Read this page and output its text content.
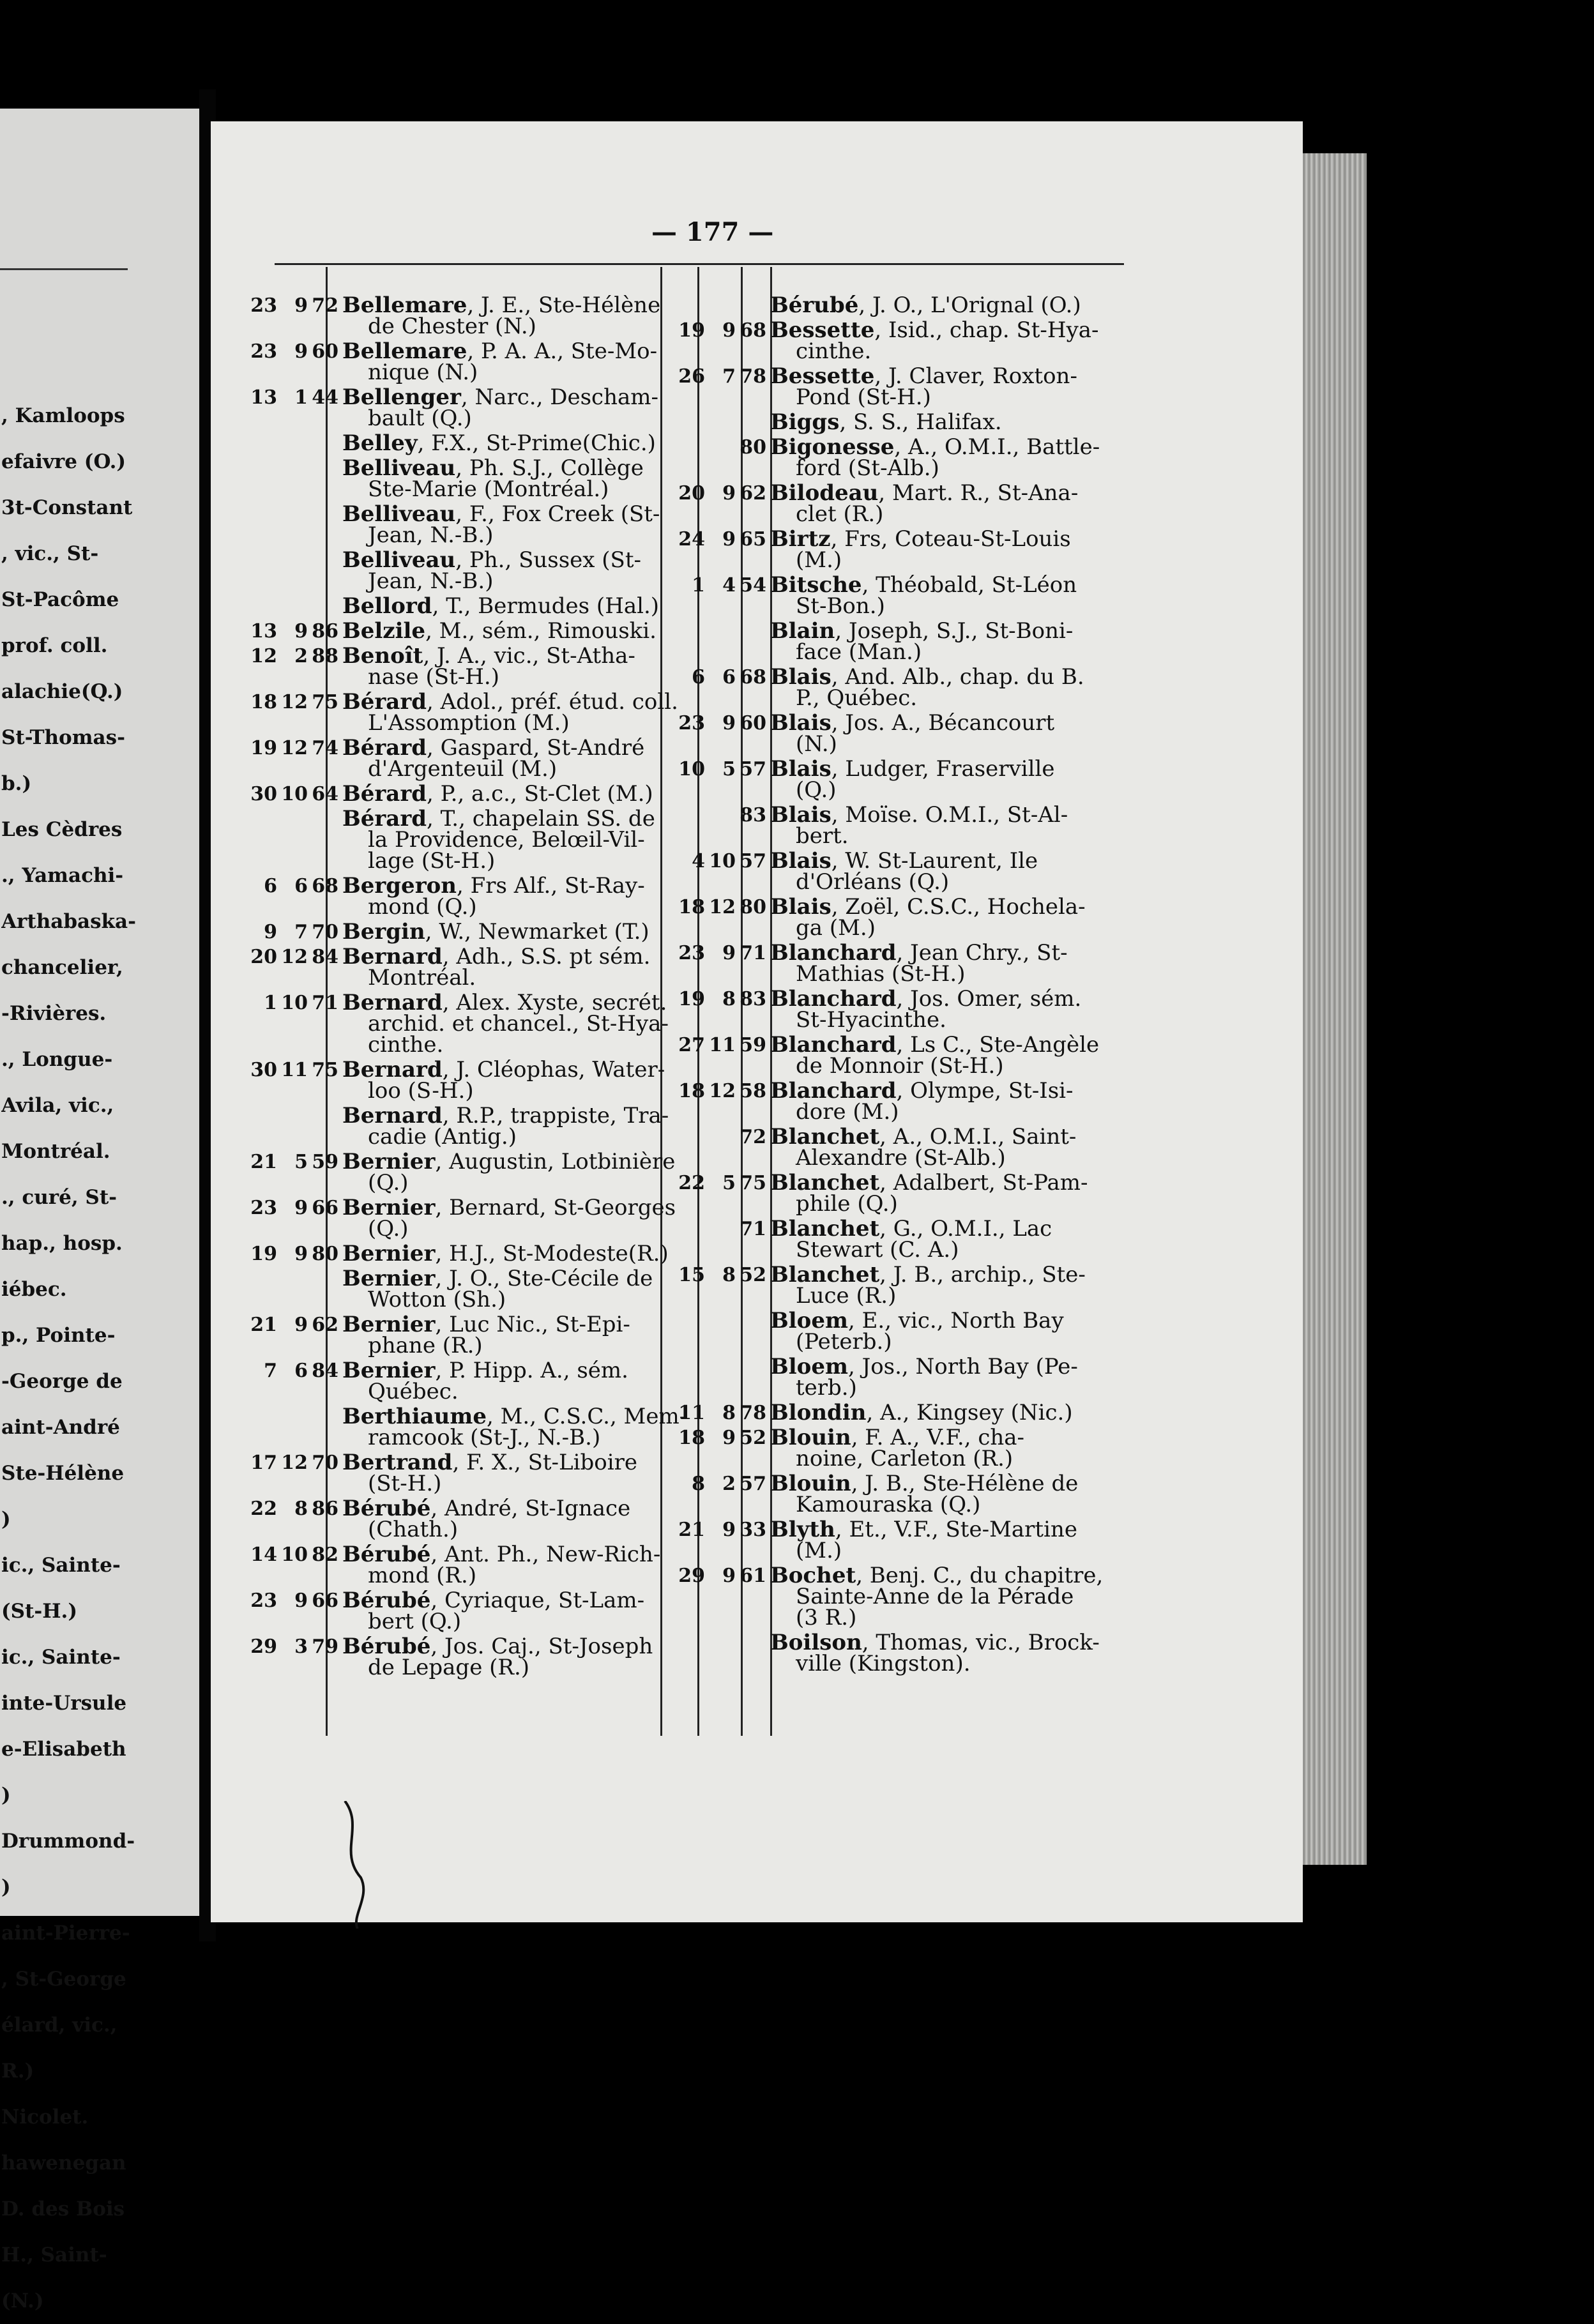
, Kamloops
efaivre (O.)
3t-Constant
, vic., St-
St-Pacôme
prof. coll.
alachie(Q.)
St-Thomas-
b.)
Les Cèdres
., Yamachi-
Arthabaska-
chancelier,
-Rivières.
., Longue-
Avila, vic.,
Montréal.
., curé, St-
hap., hosp.
iébec.
p., Pointe-
-George de
aint-André
Ste-Hélène
)
ic., Sainte-
(St-H.)
ic., Sainte-
inte-Ursule
e-Elisabeth
)
Drummond-
)
aint-Pierre-
, St-George
élard, vic.,
R.)
Nicolet.
hawenegan
D. des Bois
H., Saint-
(N.)
— 177 —
23 9 72 Bellemare, J. E., Ste-Hélène
de Chester (N.)
23 9 60 Bellemare, P. A. A., Ste-Mo-
nique (N.)
13 1 44 Bellenger, Narc., Descham-
bault (Q.)
Belley, F.X., St-Prime(Chic.)
Belliveau, Ph. S.J., Collège
Ste-Marie (Montréal.)
Belliveau, F., Fox Creek (St-
Jean, N.-B.)
Belliveau, Ph., Sussex (St-
Jean, N.-B.)
Bellord, T., Bermudes (Hal.)
13 9 86 Belzile, M., sém., Rimouski.
12 2 88 Benoît, J. A., vic., St-Atha-
nase (St-H.)
18 12 75 Bérard, Adol., préf. étud. coll.
L'Assomption (M.)
19 12 74 Bérard, Gaspard, St-André
d'Argenteuil (M.)
30 10 64 Bérard, P., a.c., St-Clet (M.)
Bérard, T., chapelain SS. de
la Providence, Belœil-Vil-
lage (St-H.)
6 6 68 Bergeron, Frs Alf., St-Ray-
mond (Q.)
9 7 70 Bergin, W., Newmarket (T.)
20 12 84 Bernard, Adh., S.S. pt sém.
Montréal.
1 10 71 Bernard, Alex. Xyste, secrét.
archid. et chancel., St-Hya-
cinthe.
30 11 75 Bernard, J. Cléophas, Water-
loo (S-H.)
Bernard, R.P., trappiste, Tra-
cadie (Antig.)
21 5 59 Bernier, Augustin, Lotbinière
(Q.)
23 9 66 Bernier, Bernard, St-Georges
(Q.)
19 9 80 Bernier, H.J., St-Modeste(R.)
Bernier, J. O., Ste-Cécile de
Wotton (Sh.)
21 9 62 Bernier, Luc Nic., St-Epi-
phane (R.)
7 6 84 Bernier, P. Hipp. A., sém.
Québec.
Berthiaume, M., C.S.C., Mem-
ramcook (St-J., N.-B.)
17 12 70 Bertrand, F. X., St-Liboire
(St-H.)
22 8 86 Bérubé, André, St-Ignace
(Chath.)
14 10 82 Bérubé, Ant. Ph., New-Rich-
mond (R.)
23 9 66 Bérubé, Cyriaque, St-Lam-
bert (Q.)
29 3 79 Bérubé, Jos. Caj., St-Joseph
de Lepage (R.)
Bérubé, J. O., L'Orignal (O.)
19 9 68 Bessette, Isid., chap. St-Hya-
cinthe.
26 7 78 Bessette, J. Claver, Roxton-
Pond (St-H.)
Biggs, S. S., Halifax.
80 Bigonesse, A., O.M.I., Battle-
ford (St-Alb.)
20 9 62 Bilodeau, Mart. R., St-Ana-
clet (R.)
24 9 65 Birtz, Frs, Coteau-St-Louis
(M.)
1 4 54 Bitsche, Théobald, St-Léon
St-Bon.)
Blain, Joseph, S.J., St-Boni-
face (Man.)
6 6 68 Blais, And. Alb., chap. du B.
P., Québec.
23 9 60 Blais, Jos. A., Bécancourt
(N.)
10 5 57 Blais, Ludger, Fraserville
(Q.)
83 Blais, Moïse. O.M.I., St-Al-
bert.
4 10 57 Blais, W. St-Laurent, Ile
d'Orléans (Q.)
18 12 80 Blais, Zoël, C.S.C., Hochela-
ga (M.)
23 9 71 Blanchard, Jean Chry., St-
Mathias (St-H.)
19 8 83 Blanchard, Jos. Omer, sém.
St-Hyacinthe.
27 11 59 Blanchard, Ls C., Ste-Angèle
de Monnoir (St-H.)
18 12 58 Blanchard, Olympe, St-Isi-
dore (M.)
72 Blanchet, A., O.M.I., Saint-
Alexandre (St-Alb.)
22 5 75 Blanchet, Adalbert, St-Pam-
phile (Q.)
71 Blanchet, G., O.M.I., Lac
Stewart (C. A.)
15 8 52 Blanchet, J. B., archip., Ste-
Luce (R.)
Bloem, E., vic., North Bay
(Peterb.)
Bloem, Jos., North Bay (Pe-
terb.)
11 8 78 Blondin, A., Kingsey (Nic.)
18 9 52 Blouin, F. A., V.F., cha-
noine, Carleton (R.)
8 2 57 Blouin, J. B., Ste-Hélène de
Kamouraska (Q.)
21 9 33 Blyth, Et., V.F., Ste-Martine
(M.)
29 9 61 Bochet, Benj. C., du chapitre,
Sainte-Anne de la Pérade
(3 R.)
Boilson, Thomas, vic., Brock-
ville (Kingston).
